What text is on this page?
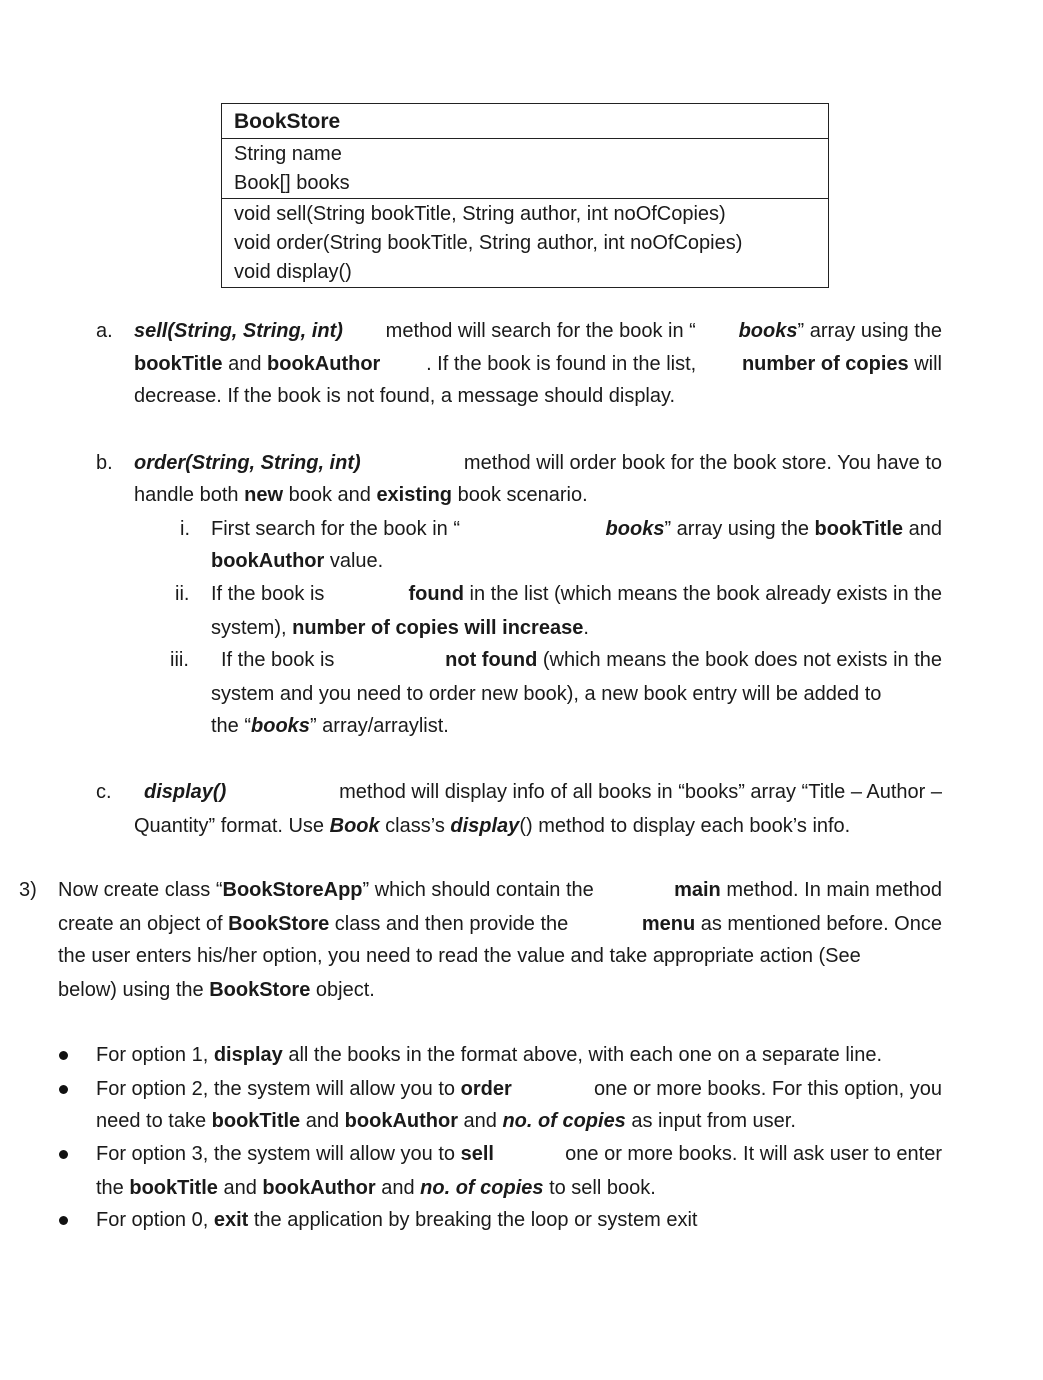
BookStore
String name
Book[] books
void sell(String bookTitle, String author, int noOfCopies)
void order(String bookTitle, String author, int noOfCopies)
void display()
a. sell(String, String, int) method will search for the book in “ books” array using the
bookTitle and bookAuthor . If the book is found in the list, number of copies will
decrease. If the book is not found, a message should display.
b. order(String, String, int)	method will order book for the book store. You have to
handle both new book and existing book scenario.
i. First search for the book in “	books” array using the bookTitle and
bookAuthor value.
ii. If the book is	found in the list (which means the book already exists in the
system), number of copies will increase.
iii. If the book is	not found (which means the book does not exists in the
system and you need to order new book), a new book entry will be added to
the “books” array/arraylist.
c. display()	method will display info of all books in “books” array “Title – Author –
Quantity” format. Use Book class’s display() method to display each book’s info.
3) Now create class “BookStoreApp” which should contain the	main method. In main method
create an object of BookStore class and then provide the	menu as mentioned before. Once
the user enters his/her option, you need to read the value and take appropriate action (See
below) using the BookStore object.
For option 1, display all the books in the format above, with each one on a separate line.
For option 2, the system will allow you to order	one or more books. For this option, you
need to take bookTitle and bookAuthor and no. of copies as input from user.
For option 3, the system will allow you to sell	one or more books. It will ask user to enter
the bookTitle and bookAuthor and no. of copies to sell book.
For option 0, exit the application by breaking the loop or system exit
